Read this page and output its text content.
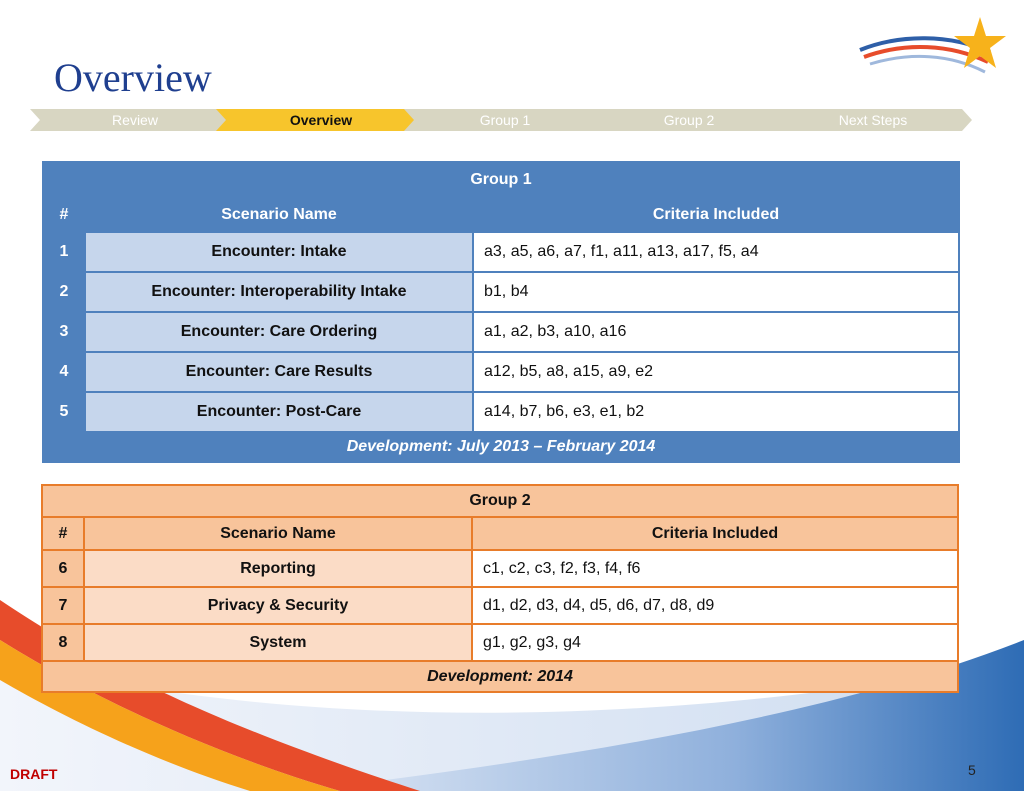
Overview
Review	Overview	Group 1	Group 2	Next Steps
Group 1		
#	Scenario Name	Criteria Included
1	Encounter: Intake	a3, a5, a6, a7, f1, a11, a13, a17, f5, a4
2	Encounter: Interoperability Intake	b1, b4
3	Encounter: Care Ordering	a1, a2, b3, a10, a16
4	Encounter: Care Results	a12, b5, a8, a15, a9, e2
5	Encounter: Post-Care	a14, b7, b6, e3, e1, b2
Development: July 2013 – February 2014		
Group 2		
#	Scenario Name	Criteria Included
6	Reporting	c1, c2, c3, f2, f3, f4, f6
7	Privacy & Security	d1, d2, d3, d4, d5, d6, d7, d8, d9
8	System	g1, g2, g3, g4
Development: 2014		
DRAFT	5
